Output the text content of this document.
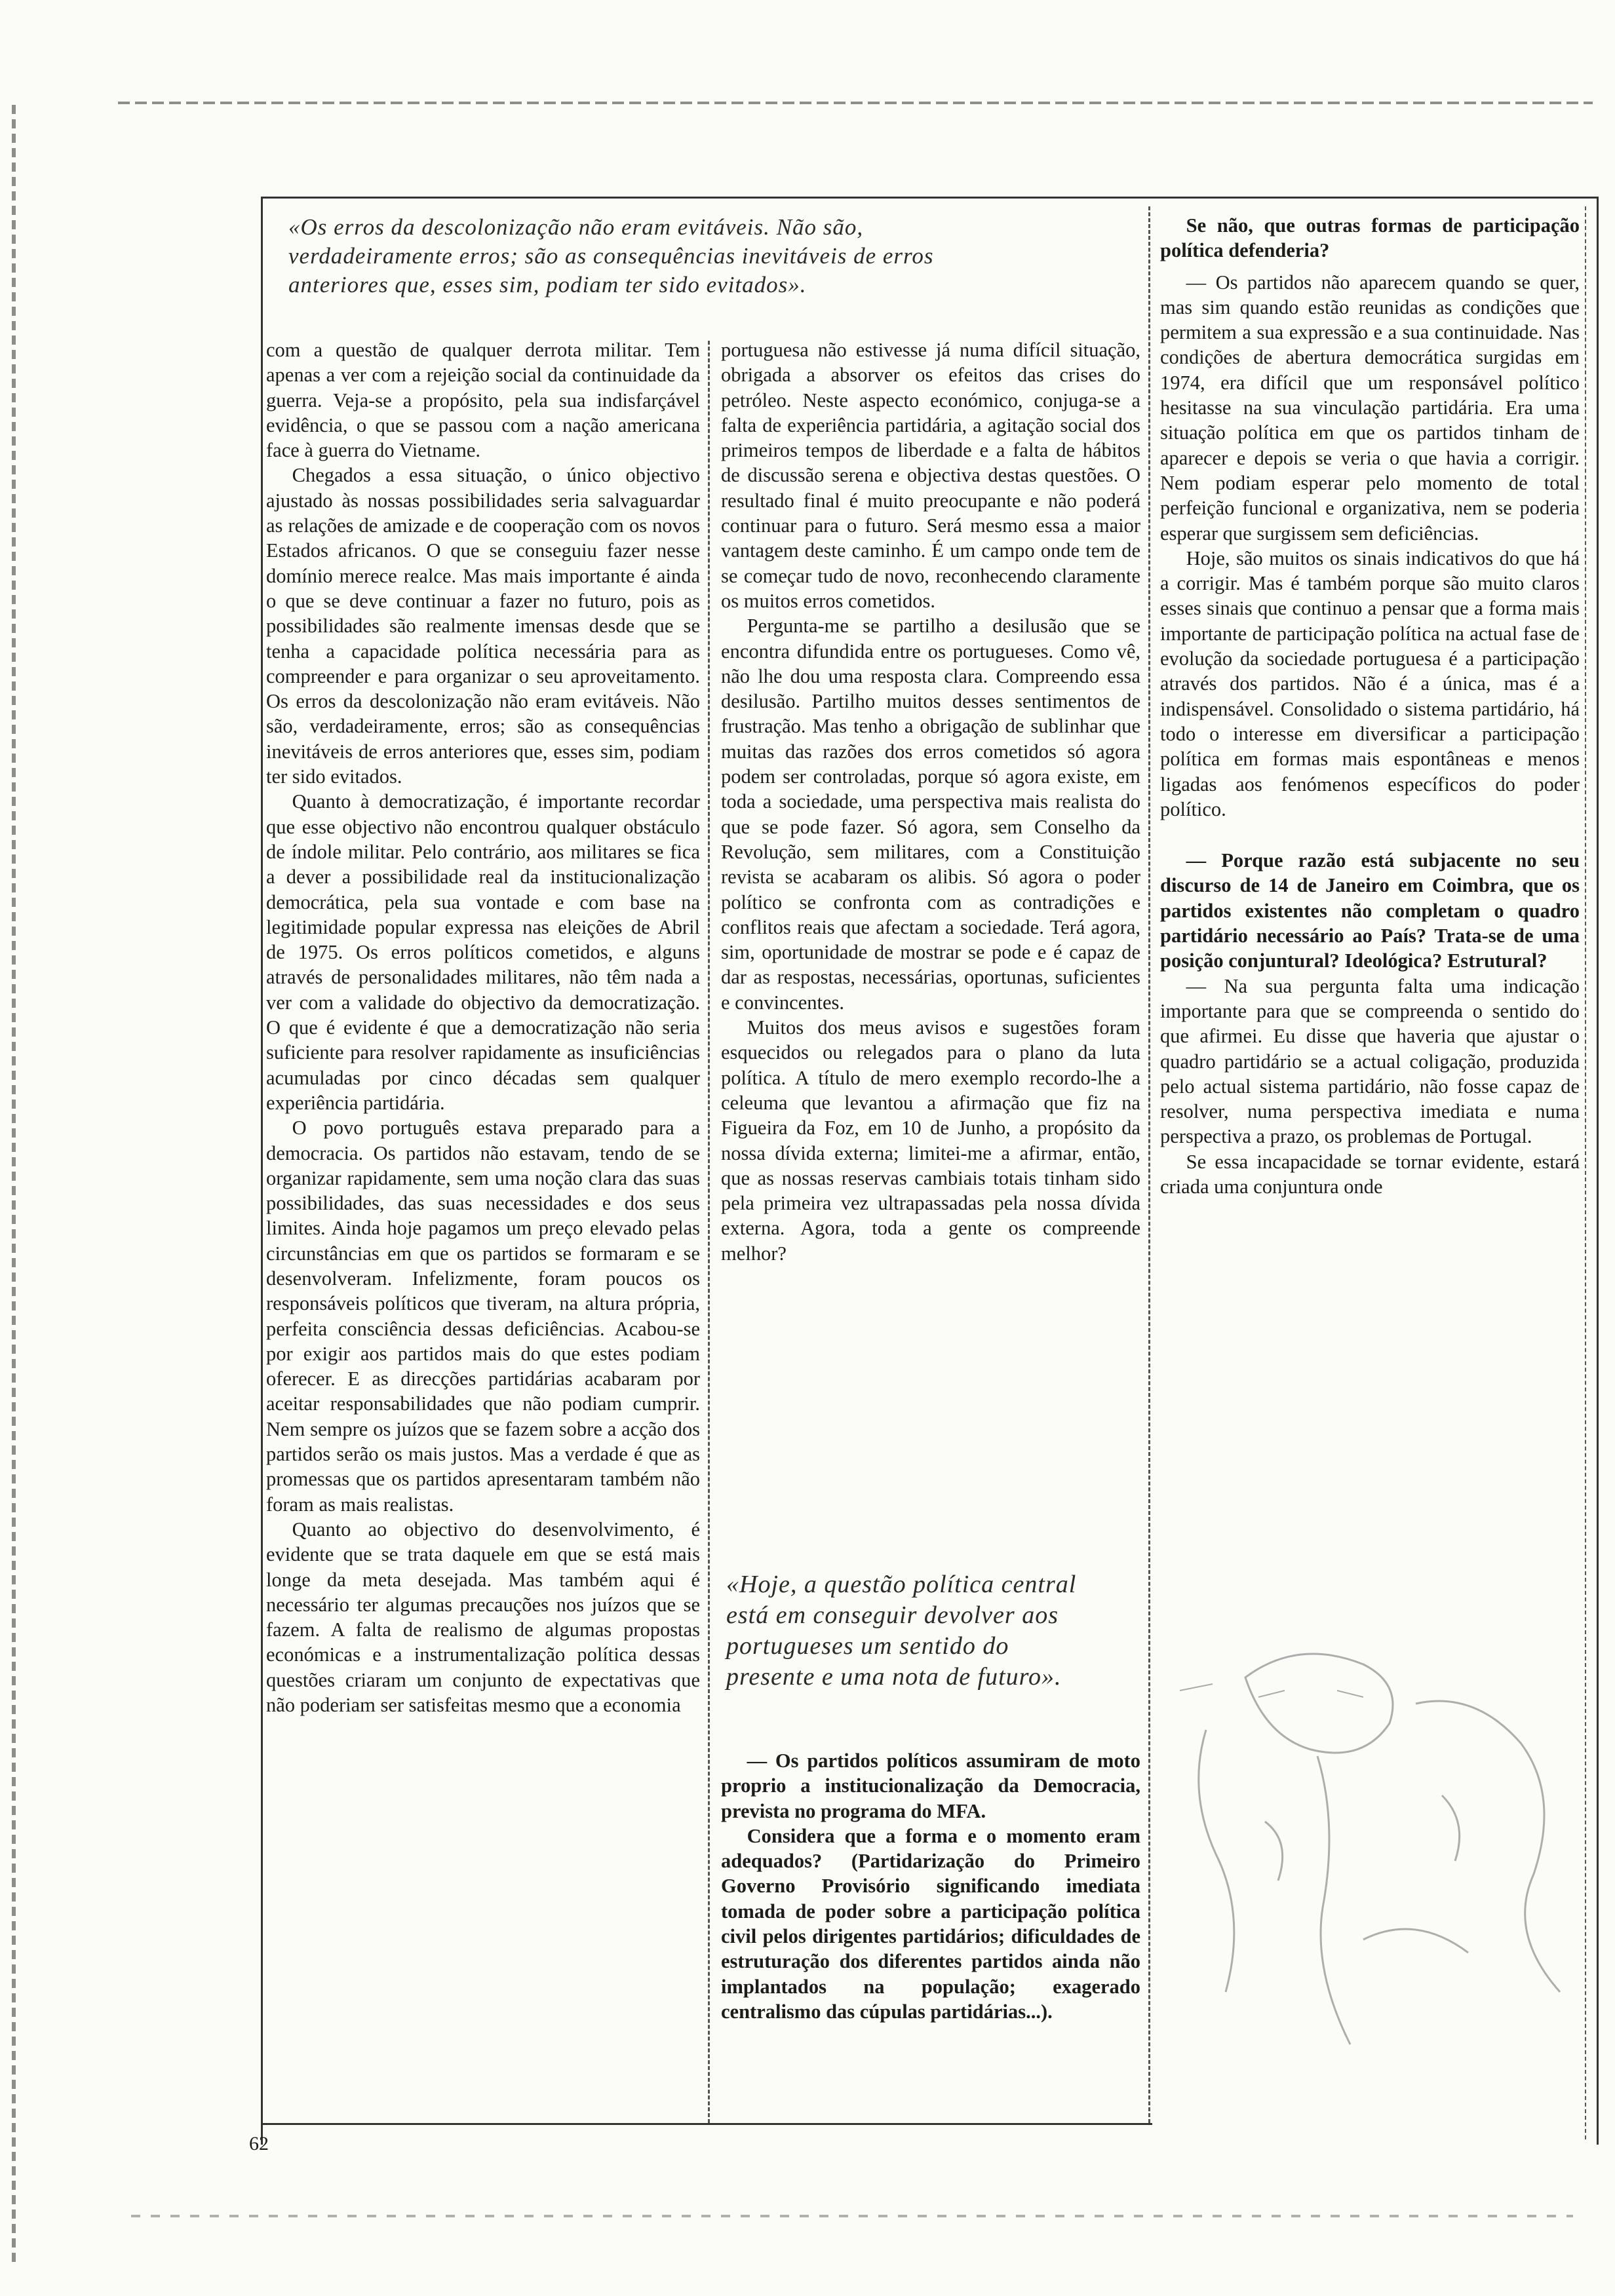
«Os erros da descolonização não eram evitáveis. Não são, verdadeiramente erros; são as consequências inevitáveis de erros anteriores que, esses sim, podiam ter sido evitados».

com a questão de qualquer derrota militar. Tem apenas a ver com a rejeição social da continuidade da guerra. Veja-se a propósito, pela sua indisfarçável evidência, o que se passou com a nação americana face à guerra do Vietname.

Chegados a essa situação, o único objectivo ajustado às nossas possibilidades seria salvaguardar as relações de amizade e de cooperação com os novos Estados africanos. O que se conseguiu fazer nesse domínio merece realce. Mas mais importante é ainda o que se deve continuar a fazer no futuro, pois as possibilidades são realmente imensas desde que se tenha a capacidade política necessária para as compreender e para organizar o seu aproveitamento. Os erros da descolonização não eram evitáveis. Não são, verdadeiramente, erros; são as consequências inevitáveis de erros anteriores que, esses sim, podiam ter sido evitados.

Quanto à democratização, é importante recordar que esse objectivo não encontrou qualquer obstáculo de índole militar. Pelo contrário, aos militares se fica a dever a possibilidade real da institucionalização democrática, pela sua vontade e com base na legitimidade popular expressa nas eleições de Abril de 1975. Os erros políticos cometidos, e alguns através de personalidades militares, não têm nada a ver com a validade do objectivo da democratização. O que é evidente é que a democratização não seria suficiente para resolver rapidamente as insuficiências acumuladas por cinco décadas sem qualquer experiência partidária.

O povo português estava preparado para a democracia. Os partidos não estavam, tendo de se organizar rapidamente, sem uma noção clara das suas possibilidades, das suas necessidades e dos seus limites. Ainda hoje pagamos um preço elevado pelas circunstâncias em que os partidos se formaram e se desenvolveram. Infelizmente, foram poucos os responsáveis políticos que tiveram, na altura própria, perfeita consciência dessas deficiências. Acabou-se por exigir aos partidos mais do que estes podiam oferecer. E as direcções partidárias acabaram por aceitar responsabilidades que não podiam cumprir. Nem sempre os juízos que se fazem sobre a acção dos partidos serão os mais justos. Mas a verdade é que as promessas que os partidos apresentaram também não foram as mais realistas.

Quanto ao objectivo do desenvolvimento, é evidente que se trata daquele em que se está mais longe da meta desejada. Mas também aqui é necessário ter algumas precauções nos juízos que se fazem. A falta de realismo de algumas propostas económicas e a instrumentalização política dessas questões criaram um conjunto de expectativas que não poderiam ser satisfeitas mesmo que a economia

portuguesa não estivesse já numa difícil situação, obrigada a absorver os efeitos das crises do petróleo. Neste aspecto económico, conjuga-se a falta de experiência partidária, a agitação social dos primeiros tempos de liberdade e a falta de hábitos de discussão serena e objectiva destas questões. O resultado final é muito preocupante e não poderá continuar para o futuro. Será mesmo essa a maior vantagem deste caminho. É um campo onde tem de se começar tudo de novo, reconhecendo claramente os muitos erros cometidos.

Pergunta-me se partilho a desilusão que se encontra difundida entre os portugueses. Como vê, não lhe dou uma resposta clara. Compreendo essa desilusão. Partilho muitos desses sentimentos de frustração. Mas tenho a obrigação de sublinhar que muitas das razões dos erros cometidos só agora podem ser controladas, porque só agora existe, em toda a sociedade, uma perspectiva mais realista do que se pode fazer. Só agora, sem Conselho da Revolução, sem militares, com a Constituição revista se acabaram os alibis. Só agora o poder político se confronta com as contradições e conflitos reais que afectam a sociedade. Terá agora, sim, oportunidade de mostrar se pode e é capaz de dar as respostas, necessárias, oportunas, suficientes e convincentes.

Muitos dos meus avisos e sugestões foram esquecidos ou relegados para o plano da luta política. A título de mero exemplo recordo-lhe a celeuma que levantou a afirmação que fiz na Figueira da Foz, em 10 de Junho, a propósito da nossa dívida externa; limitei-me a afirmar, então, que as nossas reservas cambiais totais tinham sido pela primeira vez ultrapassadas pela nossa dívida externa. Agora, toda a gente os compreende melhor?

«Hoje, a questão política central está em conseguir devolver aos portugueses um sentido do presente e uma nota de futuro».

— Os partidos políticos assumiram de moto proprio a institucionalização da Democracia, prevista no programa do MFA.

Considera que a forma e o momento eram adequados? (Partidarização do Primeiro Governo Provisório significando imediata tomada de poder sobre a participação política civil pelos dirigentes partidários; dificuldades de estruturação dos diferentes partidos ainda não implantados na população; exagerado centralismo das cúpulas partidárias...).

Se não, que outras formas de participação política defenderia?

— Os partidos não aparecem quando se quer, mas sim quando estão reunidas as condições que permitem a sua expressão e a sua continuidade. Nas condições de abertura democrática surgidas em 1974, era difícil que um responsável político hesitasse na sua vinculação partidária. Era uma situação política em que os partidos tinham de aparecer e depois se veria o que havia a corrigir. Nem podiam esperar pelo momento de total perfeição funcional e organizativa, nem se poderia esperar que surgissem sem deficiências.

Hoje, são muitos os sinais indicativos do que há a corrigir. Mas é também porque são muito claros esses sinais que continuo a pensar que a forma mais importante de participação política na actual fase de evolução da sociedade portuguesa é a participação através dos partidos. Não é a única, mas é a indispensável. Consolidado o sistema partidário, há todo o interesse em diversificar a participação política em formas mais espontâneas e menos ligadas aos fenómenos específicos do poder político.

— Porque razão está subjacente no seu discurso de 14 de Janeiro em Coimbra, que os partidos existentes não completam o quadro partidário necessário ao País? Trata-se de uma posição conjuntural? Ideológica? Estrutural?

— Na sua pergunta falta uma indicação importante para que se compreenda o sentido do que afirmei. Eu disse que haveria que ajustar o quadro partidário se a actual coligação, produzida pelo actual sistema partidário, não fosse capaz de resolver, numa perspectiva imediata e numa perspectiva a prazo, os problemas de Portugal.

Se essa incapacidade se tornar evidente, estará criada uma conjuntura onde

62
